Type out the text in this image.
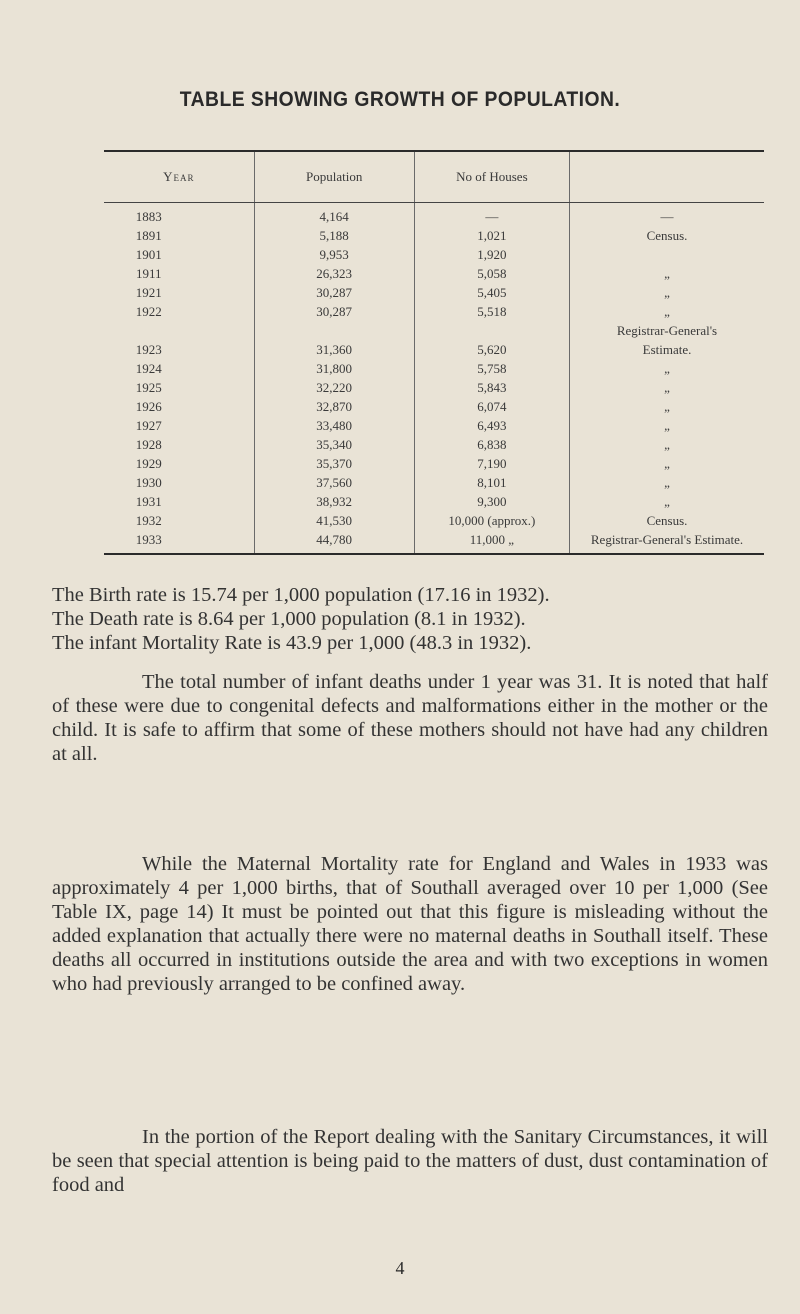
TABLE SHOWING GROWTH OF POPULATION.
Year	Population	No of Houses	
1883	4,164	—	—
1891	5,188	1,021	Census.
1901	9,953	1,920	
1911	26,323	5,058	„
1921	30,287	5,405	„
1922	30,287	5,518	„
			Registrar-General's
1923	31,360	5,620	Estimate.
1924	31,800	5,758	„
1925	32,220	5,843	„
1926	32,870	6,074	„
1927	33,480	6,493	„
1928	35,340	6,838	„
1929	35,370	7,190	„
1930	37,560	8,101	„
1931	38,932	9,300	„
1932	41,530	10,000 (approx.)	Census.
1933	44,780	11,000 „	Registrar-General's Estimate.
The Birth rate is 15.74 per 1,000 population (17.16 in 1932).
The Death rate is 8.64 per 1,000 population (8.1 in 1932).
The infant Mortality Rate is 43.9 per 1,000 (48.3 in 1932).

The total number of infant deaths under 1 year was 31. It is noted that half of these were due to congenital defects and malformations either in the mother or the child. It is safe to affirm that some of these mothers should not have had any children at all.

While the Maternal Mortality rate for England and Wales in 1933 was approximately 4 per 1,000 births, that of Southall averaged over 10 per 1,000 (See Table IX, page 14) It must be pointed out that this figure is misleading without the added explanation that actually there were no maternal deaths in Southall itself. These deaths all occurred in institutions outside the area and with two exceptions in women who had previously arranged to be confined away.

In the portion of the Report dealing with the Sanitary Circumstances, it will be seen that special attention is being paid to the matters of dust, dust contamination of food and

4
